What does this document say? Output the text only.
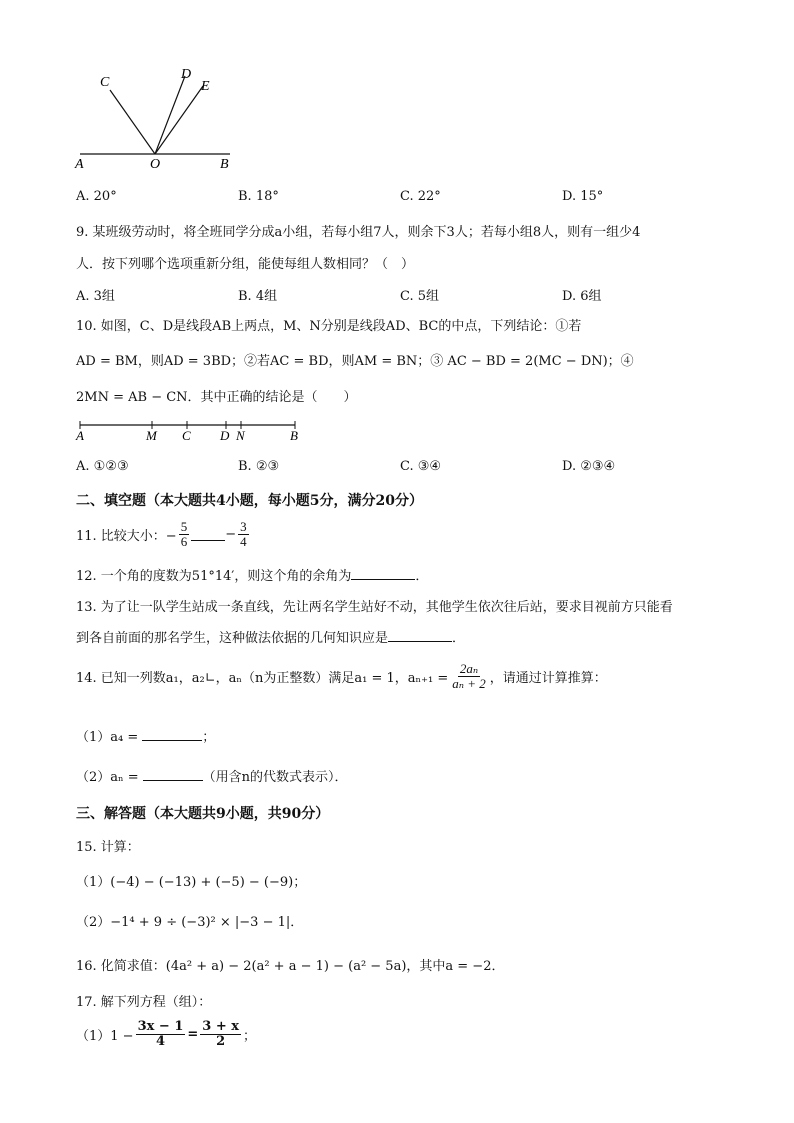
C
D
E
A	O	B
A. 20°	B. 18°	C. 22°	D. 15°
9. 某班级劳动时，将全班同学分成a小组，若每小组7人，则余下3人；若每小组8人，则有一组少4
人．按下列哪个选项重新分组，能使每组人数相同？（　）
A. 3组	B. 4组	C. 5组	D. 6组
10. 如图，C、D是线段AB上两点，M、N分别是线段AD、BC的中点，下列结论：①若
AD = BM，则AD = 3BD；②若AC = BD，则AM = BN；③ AC − BD = 2(MC − DN)；④
2MN = AB − CN．其中正确的结论是（　　）
A	M C D N	B
A. ①②③	B. ②③	C. ③④	D. ②③④
二、填空题（本大题共4小题，每小题5分，满分20分）
11. 比较大小：− $\frac{5}{6}$	− $\frac{3}{4}$
12. 一个角的度数为51°14′，则这个角的余角为	．
13. 为了让一队学生站成一条直线，先让两名学生站好不动，其他学生依次往后站，要求目视前方只能看
到各自前面的那名学生，这种做法依据的几何知识应是	．
14. 已知一列数a₁，a₂∟，aₙ（n为正整数）满足a₁ = 1，$a_{n+1} = \frac{\text{2aₙ}}{\text{aₙ + 2}}$ ，请通过计算推算：
（1）a₄ =	；
（2）aₙ =	（用含n的代数式表示）．
三、解答题（本大题共9小题，共90分）
15. 计算：
（1）(−4) − (−13) + (−5) − (−9)；
（2）−1⁴ + 9 ÷ (−3)² × |−3 − 1|．
16. 化简求值：(4a² + a) − 2(a² + a − 1) − (a² − 5a)，其中a = −2．
17. 解下列方程（组）：
$(1)1 - \frac{3x - 1}{4} = \frac{3 + x}{2}$ ；
